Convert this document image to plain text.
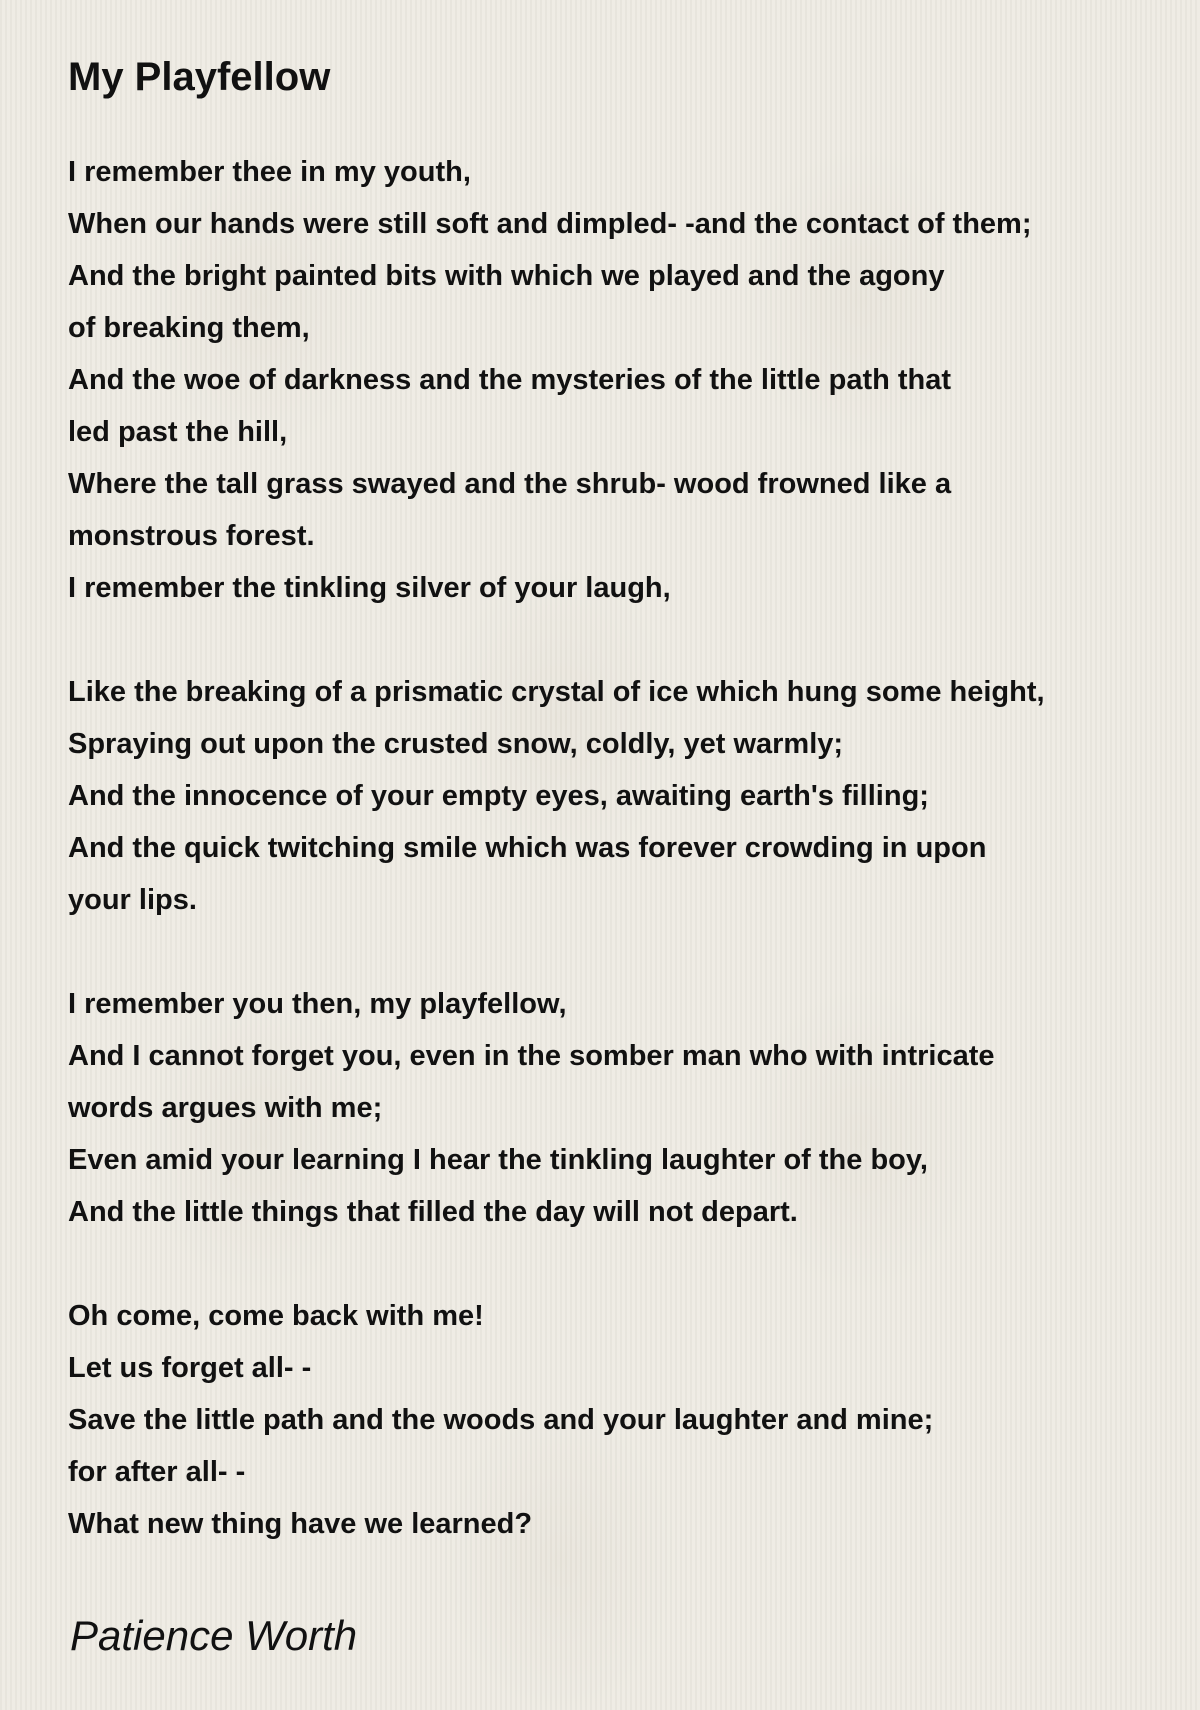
My Playfellow
I remember thee in my youth,
When our hands were still soft and dimpled- -and the contact of them;
And the bright painted bits with which we played and the agony
of breaking them,
And the woe of darkness and the mysteries of the little path that
led past the hill,
Where the tall grass swayed and the shrub- wood frowned like a
monstrous forest.
I remember the tinkling silver of your laugh,
Like the breaking of a prismatic crystal of ice which hung some height,
Spraying out upon the crusted snow, coldly, yet warmly;
And the innocence of your empty eyes, awaiting earth's filling;
And the quick twitching smile which was forever crowding in upon
your lips.
I remember you then, my playfellow,
And I cannot forget you, even in the somber man who with intricate
words argues with me;
Even amid your learning I hear the tinkling laughter of the boy,
And the little things that filled the day will not depart.
Oh come, come back with me!
Let us forget all- -
Save the little path and the woods and your laughter and mine;
for after all- -
What new thing have we learned?
Patience Worth
